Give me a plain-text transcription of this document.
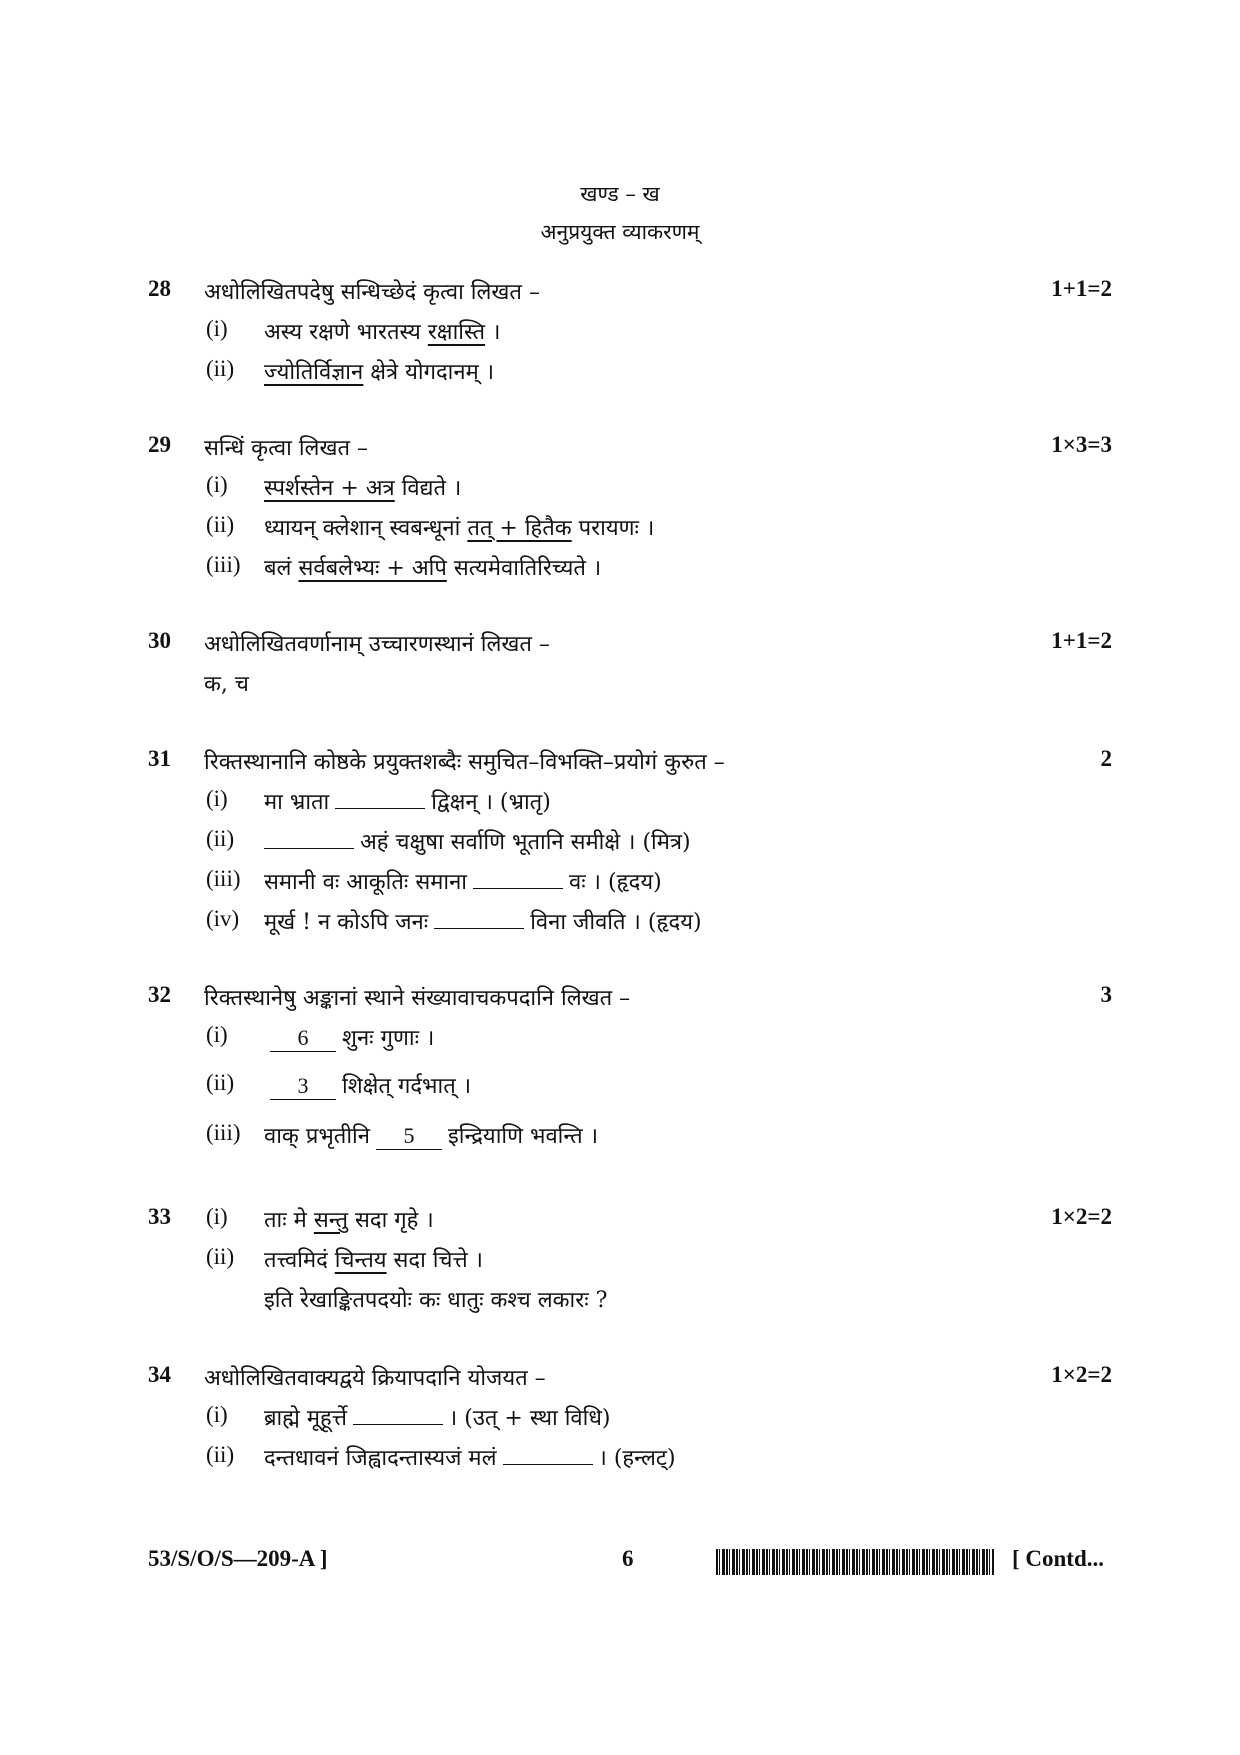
खण्ड – ख
अनुप्रयुक्त व्याकरणम्
28 अधोलिखितपदेषु सन्धिच्छेदं कृत्वा लिखत –	1+1=2
(i) अस्य रक्षणे भारतस्य रक्षास्ति ।
(ii) ज्योतिर्विज्ञान क्षेत्रे योगदानम् ।
29 सन्धिं कृत्वा लिखत –	1×3=3
(i) स्पर्शस्तेन + अत्र विद्यते ।
(ii) ध्यायन् क्लेशान् स्वबन्धूनां तत् + हितैक परायणः ।
(iii) बलं सर्वबलेभ्यः + अपि सत्यमेवातिरिच्यते ।
30 अधोलिखितवर्णानाम् उच्चारणस्थानं लिखत –	1+1=2
क, च
31 रिक्तस्थानानि कोष्ठके प्रयुक्तशब्दैः समुचित–विभक्ति–प्रयोगं कुरुत –	2
(i) मा भ्राता	द्विक्षन् । (भ्रातृ)
(ii)	अहं चक्षुषा सर्वाणि भूतानि समीक्षे । (मित्र)
(iii) समानी वः आकूतिः समाना	वः । (हृदय)
(iv) मूर्ख ! न कोऽपि जनः	विना जीवति । (हृदय)
32 रिक्तस्थानेषु अङ्कानां स्थाने संख्यावाचकपदानि लिखत –	3
(i)	6 शुनः गुणाः ।
(ii)	3 शिक्षेत् गर्दभात् ।
(iii) वाक् प्रभृतीनि 5 इन्द्रियाणि भवन्ति ।
33 (i) ताः मे सन्तु सदा गृहे ।	1×2=2
(ii) तत्त्वमिदं चिन्तय सदा चित्ते ।
इति रेखाङ्कितपदयोः कः धातुः कश्च लकारः ?
34 अधोलिखितवाक्यद्वये क्रियापदानि योजयत –	1×2=2
(i) ब्राह्मे मूहूर्त्ते	। (उत् + स्था विधि)
(ii) दन्तधावनं जिह्वादन्तास्यजं मलं	। (हन्लट्)
53/S/O/S—209-A ]	6	[ Contd...
